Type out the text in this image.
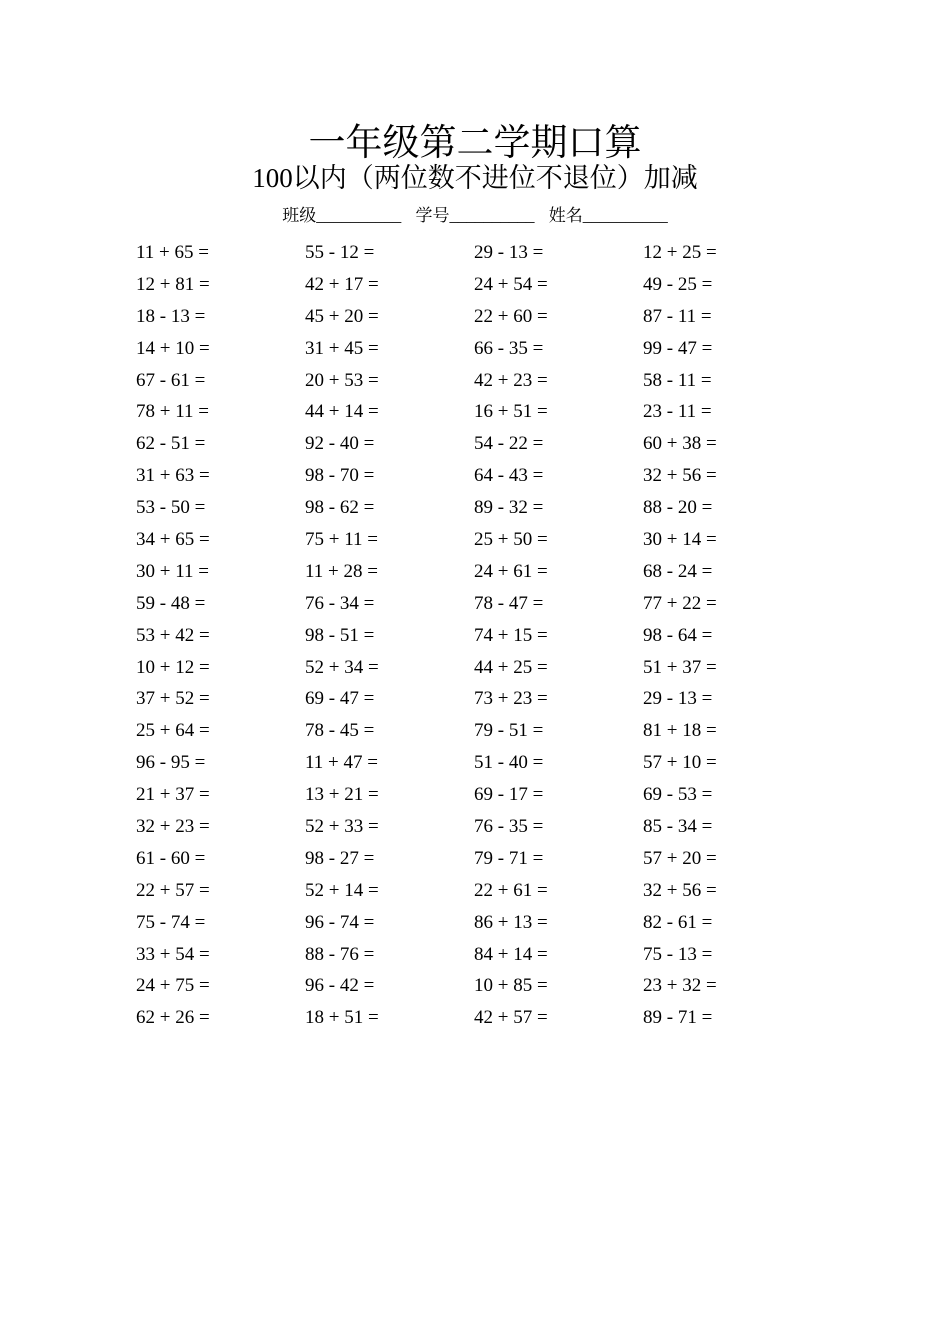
一年级第二学期口算
100以内（两位数不进位不退位）加减
班级__________ 学号__________ 姓名__________
11 + 65 =	55 - 12 =	29 - 13 =	12 + 25 =
12 + 81 =	42 + 17 =	24 + 54 =	49 - 25 =
18 - 13 =	45 + 20 =	22 + 60 =	87 - 11 =
14 + 10 =	31 + 45 =	66 - 35 =	99 - 47 =
67 - 61 =	20 + 53 =	42 + 23 =	58 - 11 =
78 + 11 =	44 + 14 =	16 + 51 =	23 - 11 =
62 - 51 =	92 - 40 =	54 - 22 =	60 + 38 =
31 + 63 =	98 - 70 =	64 - 43 =	32 + 56 =
53 - 50 =	98 - 62 =	89 - 32 =	88 - 20 =
34 + 65 =	75 + 11 =	25 + 50 =	30 + 14 =
30 + 11 =	11 + 28 =	24 + 61 =	68 - 24 =
59 - 48 =	76 - 34 =	78 - 47 =	77 + 22 =
53 + 42 =	98 - 51 =	74 + 15 =	98 - 64 =
10 + 12 =	52 + 34 =	44 + 25 =	51 + 37 =
37 + 52 =	69 - 47 =	73 + 23 =	29 - 13 =
25 + 64 =	78 - 45 =	79 - 51 =	81 + 18 =
96 - 95 =	11 + 47 =	51 - 40 =	57 + 10 =
21 + 37 =	13 + 21 =	69 - 17 =	69 - 53 =
32 + 23 =	52 + 33 =	76 - 35 =	85 - 34 =
61 - 60 =	98 - 27 =	79 - 71 =	57 + 20 =
22 + 57 =	52 + 14 =	22 + 61 =	32 + 56 =
75 - 74 =	96 - 74 =	86 + 13 =	82 - 61 =
33 + 54 =	88 - 76 =	84 + 14 =	75 - 13 =
24 + 75 =	96 - 42 =	10 + 85 =	23 + 32 =
62 + 26 =	18 + 51 =	42 + 57 =	89 - 71 =
